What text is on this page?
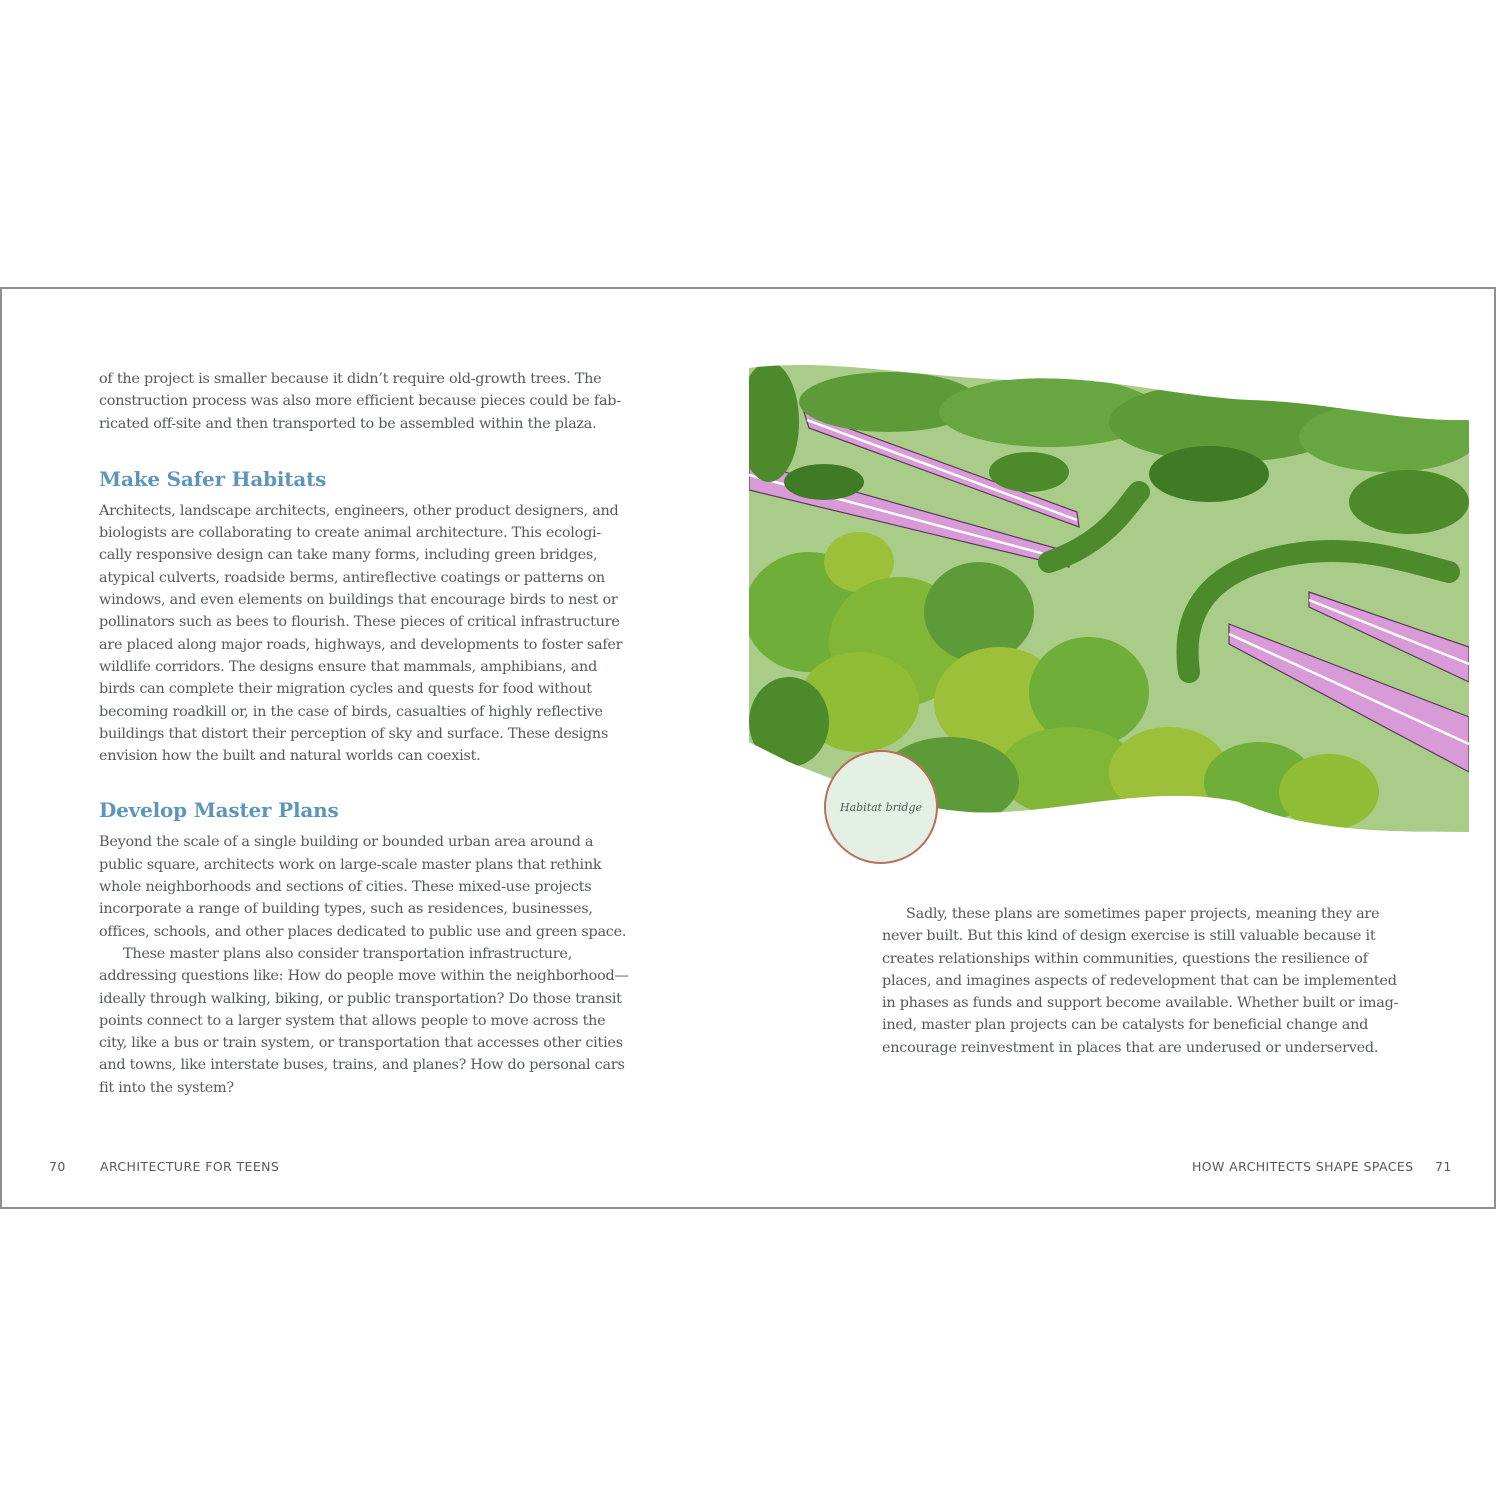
of the project is smaller because it didn’t require old-growth trees. The

construction process was also more efficient because pieces could be fab-

ricated off-site and then transported to be assembled within the plaza.

Make Safer Habitats

Architects, landscape architects, engineers, other product designers, and

biologists are collaborating to create animal architecture. This ecologi-

cally responsive design can take many forms, including green bridges,

atypical culverts, roadside berms, antireflective coatings or patterns on

windows, and even elements on buildings that encourage birds to nest or

pollinators such as bees to flourish. These pieces of critical infrastructure

are placed along major roads, highways, and developments to foster safer

wildlife corridors. The designs ensure that mammals, amphibians, and

birds can complete their migration cycles and quests for food without

becoming roadkill or, in the case of birds, casualties of highly reflective

buildings that distort their perception of sky and surface. These designs

envision how the built and natural worlds can coexist.

Develop Master Plans

Beyond the scale of a single building or bounded urban area around a

public square, architects work on large-scale master plans that rethink

whole neighborhoods and sections of cities. These mixed-use projects

incorporate a range of building types, such as residences, businesses,

offices, schools, and other places dedicated to public use and green space.

These master plans also consider transportation infrastructure,

addressing questions like: How do people move within the neighborhood—

ideally through walking, biking, or public transportation? Do those transit

points connect to a larger system that allows people to move across the

city, like a bus or train system, or transportation that accesses other cities

and towns, like interstate buses, trains, and planes? How do personal cars

fit into the system?

70	ARCHITECTURE FOR TEENS
Habitat bridge

Sadly, these plans are sometimes paper projects, meaning they are

never built. But this kind of design exercise is still valuable because it

creates relationships within communities, questions the resilience of

places, and imagines aspects of redevelopment that can be implemented

in phases as funds and support become available. Whether built or imag-

ined, master plan projects can be catalysts for beneficial change and

encourage reinvestment in places that are underused or underserved.

HOW ARCHITECTS SHAPE SPACES 71
